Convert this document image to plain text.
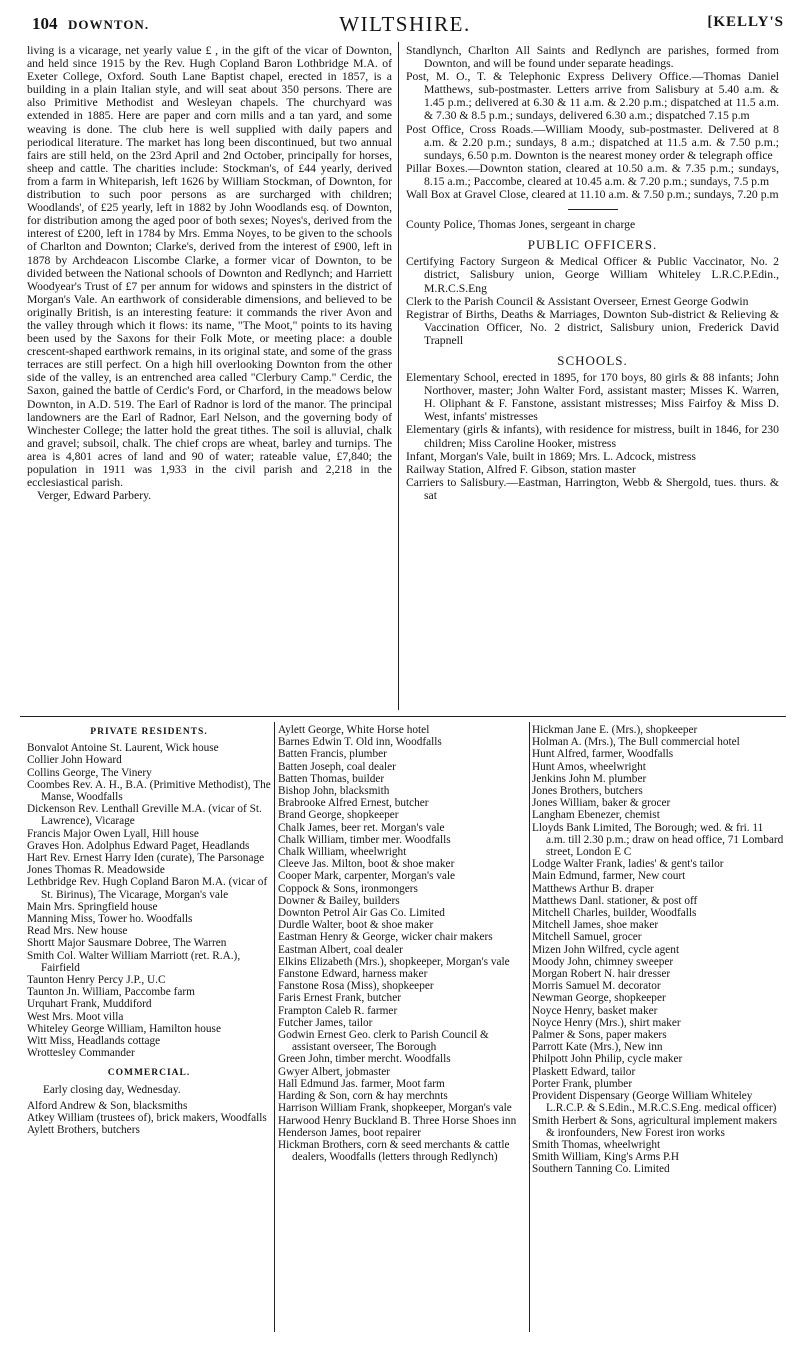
104 DOWNTON.	WILTSHIRE.	[KELLY'S

living is a vicarage, net yearly value £ , in the gift of the vicar of Downton, and held since 1915 by the Rev. Hugh Copland Baron Lothbridge M.A. of Exeter College, Oxford. South Lane Baptist chapel, erected in 1857, is a building in a plain Italian style, and will seat about 350 persons. There are also Primitive Methodist and Wesleyan chapels. The churchyard was extended in 1885. Here are paper and corn mills and a tan yard, and some weaving is done. The club here is well supplied with daily papers and periodical literature. The market has long been discontinued, but two annual fairs are still held, on the 23rd April and 2nd October, principally for horses, sheep and cattle. The charities include: Stockman's, of £44 yearly, derived from a farm in Whiteparish, left 1626 by William Stockman, of Downton, for distribution to such poor persons as are surcharged with children; Woodlands', of £25 yearly, left in 1882 by John Woodlands esq. of Downton, for distribution among the aged poor of both sexes; Noyes's, derived from the interest of £200, left in 1784 by Mrs. Emma Noyes, to be given to the schools of Charlton and Downton; Clarke's, derived from the interest of £900, left in 1878 by Archdeacon Liscombe Clarke, a former vicar of Downton, to be divided between the National schools of Downton and Redlynch; and Harriett Woodyear's Trust of £7 per annum for widows and spinsters in the district of Morgan's Vale. An earthwork of considerable dimensions, and believed to be originally British, is an interesting feature: it commands the river Avon and the valley through which it flows: its name, "The Moot," points to its having been used by the Saxons for their Folk Mote, or meeting place: a double crescent-shaped earthwork remains, in its original state, and some of the grass terraces are still perfect. On a high hill overlooking Downton from the other side of the valley, is an entrenched area called "Clerbury Camp." Cerdic, the Saxon, gained the battle of Cerdic's Ford, or Charford, in the meadows below Downton, in A.D. 519. The Earl of Radnor is lord of the manor. The principal landowners are the Earl of Radnor, Earl Nelson, and the governing body of Winchester College; the latter hold the great tithes. The soil is alluvial, chalk and gravel; subsoil, chalk. The chief crops are wheat, barley and turnips. The area is 4,801 acres of land and 90 of water; rateable value, £7,840; the population in 1911 was 1,933 in the civil parish and 2,218 in the ecclesiastical parish.

Verger, Edward Parbery.

Standlynch, Charlton All Saints and Redlynch are parishes, formed from Downton, and will be found under separate headings.

Post, M. O., T. & Telephonic Express Delivery Office.—Thomas Daniel Matthews, sub-postmaster. Letters arrive from Salisbury at 5.40 a.m. & 1.45 p.m.; delivered at 6.30 & 11 a.m. & 2.20 p.m.; dispatched at 11.5 a.m. & 7.30 & 8.5 p.m.; sundays, delivered 6.30 a.m.; dispatched 7.15 p.m

Post Office, Cross Roads.—William Moody, sub-postmaster. Delivered at 8 a.m. & 2.20 p.m.; sundays, 8 a.m.; dispatched at 11.5 a.m. & 7.50 p.m.; sundays, 6.50 p.m. Downton is the nearest money order & telegraph office

Pillar Boxes.—Downton station, cleared at 10.50 a.m. & 7.35 p.m.; sundays, 8.15 a.m.; Paccombe, cleared at 10.45 a.m. & 7.20 p.m.; sundays, 7.5 p.m

Wall Box at Gravel Close, cleared at 11.10 a.m. & 7.50 p.m.; sundays, 7.20 p.m

County Police, Thomas Jones, sergeant in charge

PUBLIC OFFICERS.

Certifying Factory Surgeon & Medical Officer & Public Vaccinator, No. 2 district, Salisbury union, George William Whiteley L.R.C.P.Edin., M.R.C.S.Eng

Clerk to the Parish Council & Assistant Overseer, Ernest George Godwin

Registrar of Births, Deaths & Marriages, Downton Sub-district & Relieving & Vaccination Officer, No. 2 district, Salisbury union, Frederick David Trapnell

SCHOOLS.

Elementary School, erected in 1895, for 170 boys, 80 girls & 88 infants; John Northover, master; John Walter Ford, assistant master; Misses K. Warren, H. Oliphant & F. Fanstone, assistant mistresses; Miss Fairfoy & Miss D. West, infants' mistresses

Elementary (girls & infants), with residence for mistress, built in 1846, for 230 children; Miss Caroline Hooker, mistress

Infant, Morgan's Vale, built in 1869; Mrs. L. Adcock, mistress

Railway Station, Alfred F. Gibson, station master

Carriers to Salisbury.—Eastman, Harrington, Webb & Shergold, tues. thurs. & sat

PRIVATE RESIDENTS.
Bonvalot Antoine St. Laurent, Wick house
Collier John Howard
Collins George, The Vinery
Coombes Rev. A. H., B.A. (Primitive Methodist), The Manse, Woodfalls
Dickenson Rev. Lenthall Greville M.A. (vicar of St. Lawrence), Vicarage
Francis Major Owen Lyall, Hill house
Graves Hon. Adolphus Edward Paget, Headlands
Hart Rev. Ernest Harry Iden (curate), The Parsonage
Jones Thomas R. Meadowside
Lethbridge Rev. Hugh Copland Baron M.A. (vicar of St. Birinus), The Vicarage, Morgan's vale
Main Mrs. Springfield house
Manning Miss, Tower ho. Woodfalls
Read Mrs. New house
Shortt Major Sausmare Dobree, The Warren
Smith Col. Walter William Marriott (ret. R.A.), Fairfield
Taunton Henry Percy J.P., U.C
Taunton Jn. William, Paccombe farm
Urquhart Frank, Muddiford
West Mrs. Moot villa
Whiteley George William, Hamilton house
Witt Miss, Headlands cottage
Wrottesley Commander
COMMERCIAL.
Early closing day, Wednesday.
Alford Andrew & Son, blacksmiths
Atkey William (trustees of), brick makers, Woodfalls
Aylett Brothers, butchers
Aylett George, White Horse hotel
Barnes Edwin T. Old inn, Woodfalls
Batten Francis, plumber
Batten Joseph, coal dealer
Batten Thomas, builder
Bishop John, blacksmith
Brabrooke Alfred Ernest, butcher
Brand George, shopkeeper
Chalk James, beer ret. Morgan's vale
Chalk William, timber mer. Woodfalls
Chalk William, wheelwright
Cleeve Jas. Milton, boot & shoe maker
Cooper Mark, carpenter, Morgan's vale
Coppock & Sons, ironmongers
Downer & Bailey, builders
Downton Petrol Air Gas Co. Limited
Durdle Walter, boot & shoe maker
Eastman Henry & George, wicker chair makers
Eastman Albert, coal dealer
Elkins Elizabeth (Mrs.), shopkeeper, Morgan's vale
Fanstone Edward, harness maker
Fanstone Rosa (Miss), shopkeeper
Faris Ernest Frank, butcher
Frampton Caleb R. farmer
Futcher James, tailor
Godwin Ernest Geo. clerk to Parish Council & assistant overseer, The Borough
Green John, timber mercht. Woodfalls
Gwyer Albert, jobmaster
Hall Edmund Jas. farmer, Moot farm
Harding & Son, corn & hay merchnts
Harrison William Frank, shopkeeper, Morgan's vale
Harwood Henry Buckland B. Three Horse Shoes inn
Henderson James, boot repairer
Hickman Brothers, corn & seed merchants & cattle dealers, Woodfalls (letters through Redlynch)
Hickman Jane E. (Mrs.), shopkeeper
Holman A. (Mrs.), The Bull commercial hotel
Hunt Alfred, farmer, Woodfalls
Hunt Amos, wheelwright
Jenkins John M. plumber
Jones Brothers, butchers
Jones William, baker & grocer
Langham Ebenezer, chemist
Lloyds Bank Limited, The Borough; wed. & fri. 11 a.m. till 2.30 p.m.; draw on head office, 71 Lombard street, London E C
Lodge Walter Frank, ladies' & gent's tailor
Main Edmund, farmer, New court
Matthews Arthur B. draper
Matthews Danl. stationer, & post off
Mitchell Charles, builder, Woodfalls
Mitchell James, shoe maker
Mitchell Samuel, grocer
Mizen John Wilfred, cycle agent
Moody John, chimney sweeper
Morgan Robert N. hair dresser
Morris Samuel M. decorator
Newman George, shopkeeper
Noyce Henry, basket maker
Noyce Henry (Mrs.), shirt maker
Palmer & Sons, paper makers
Parrott Kate (Mrs.), New inn
Philpott John Philip, cycle maker
Plaskett Edward, tailor
Porter Frank, plumber
Provident Dispensary (George William Whiteley L.R.C.P. & S.Edin., M.R.C.S.Eng. medical officer)
Smith Herbert & Sons, agricultural implement makers & ironfounders, New Forest iron works
Smith Thomas, wheelwright
Smith William, King's Arms P.H
Southern Tanning Co. Limited
